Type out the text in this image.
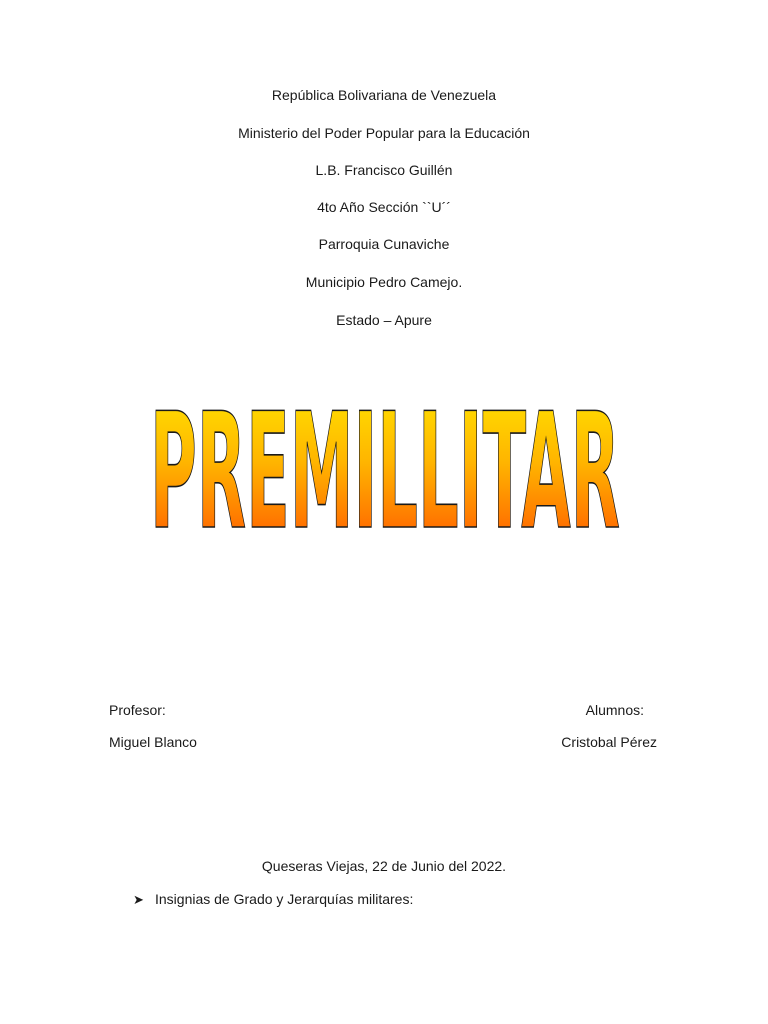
República Bolivariana de Venezuela
Ministerio del Poder Popular para la Educación
L.B. Francisco Guillén
4to Año Sección ``U´´
Parroquia Cunaviche
Municipio Pedro Camejo.
Estado – Apure
PREMILLITAR
Profesor:
Miguel Blanco
Alumnos:
Cristobal Pérez
Queseras Viejas, 22 de Junio del 2022.
➤ Insignias de Grado y Jerarquías militares:
